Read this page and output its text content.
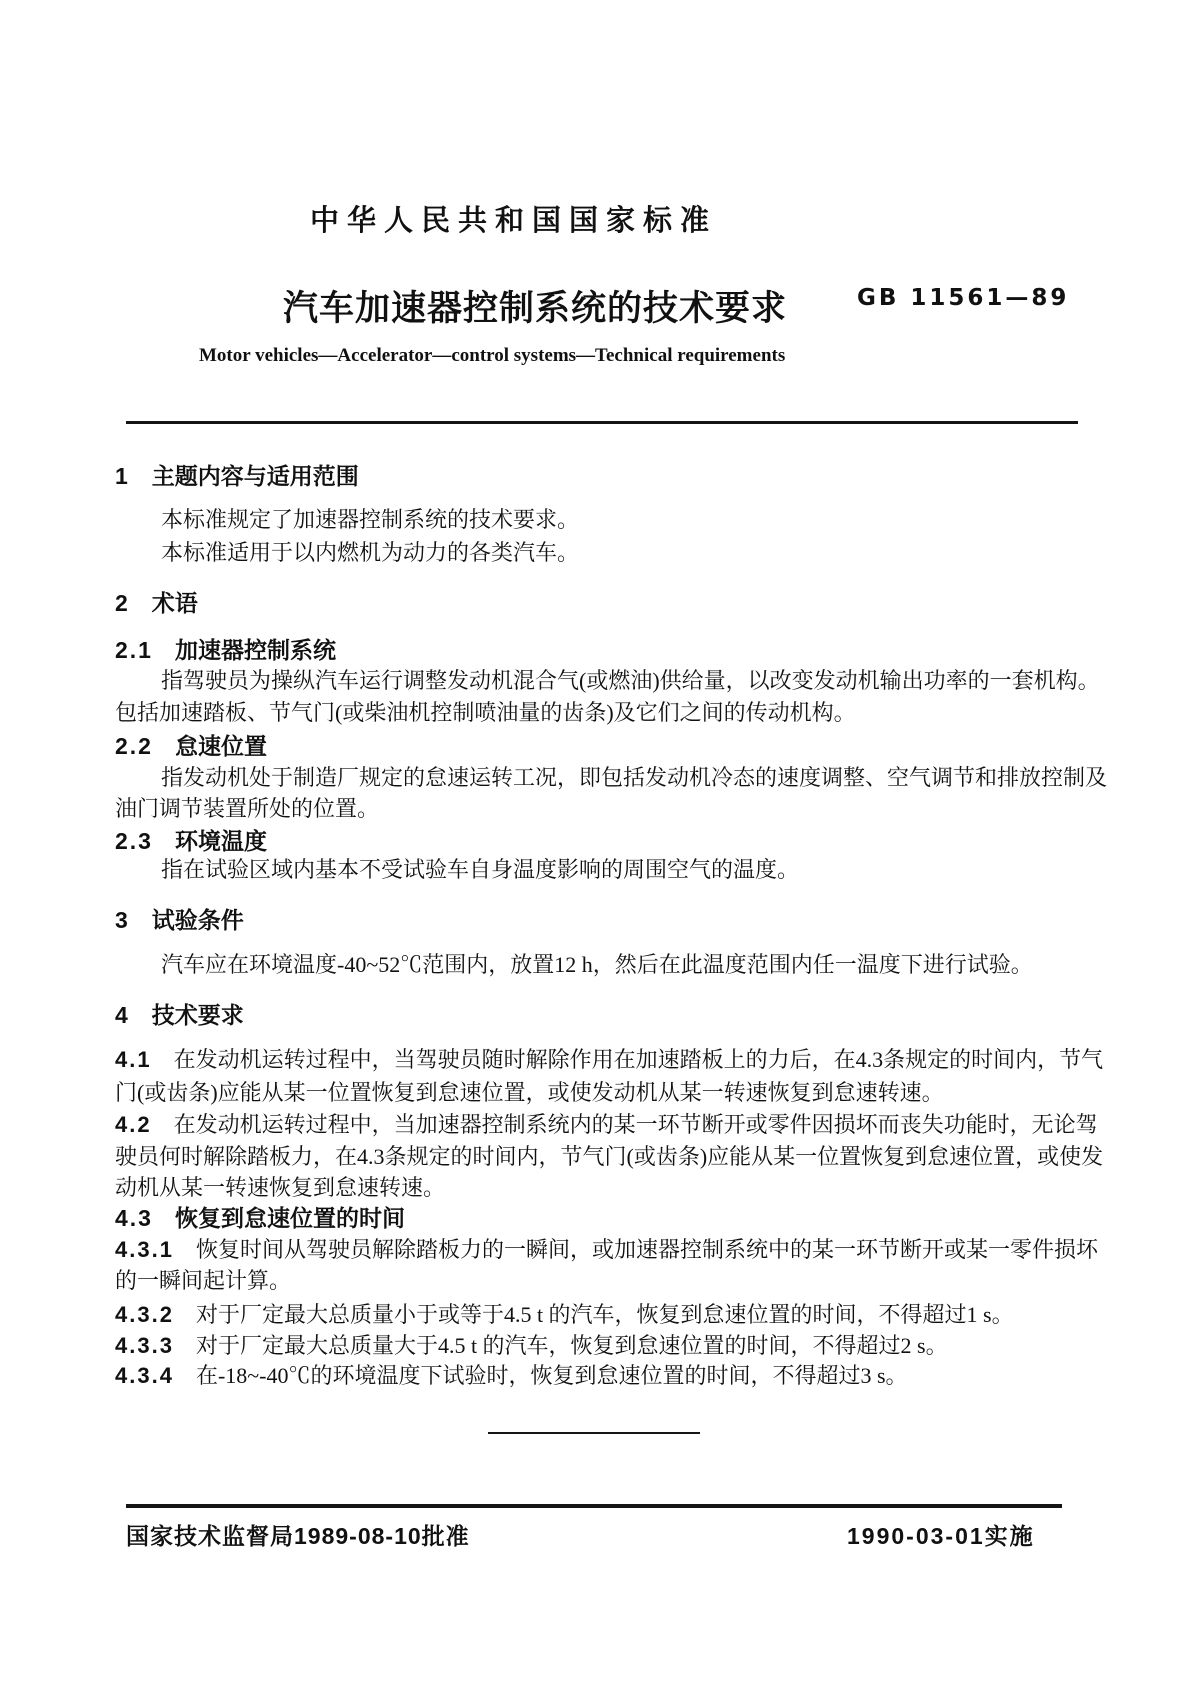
中华人民共和国国家标准
汽车加速器控制系统的技术要求	GB 11561—89
Motor vehicles—Accelerator—control systems—Technical requirements
1 主题内容与适用范围
本标准规定了加速器控制系统的技术要求。
本标准适用于以内燃机为动力的各类汽车。
2 术语
2.1 加速器控制系统
指驾驶员为操纵汽车运行调整发动机混合气(或燃油)供给量，以改变发动机输出功率的一套机构。
包括加速踏板、节气门(或柴油机控制喷油量的齿条)及它们之间的传动机构。
2.2 怠速位置
指发动机处于制造厂规定的怠速运转工况，即包括发动机冷态的速度调整、空气调节和排放控制及
油门调节装置所处的位置。
2.3 环境温度
指在试验区域内基本不受试验车自身温度影响的周围空气的温度。
3 试验条件
汽车应在环境温度-40~52℃范围内，放置12 h，然后在此温度范围内任一温度下进行试验。
4 技术要求
4.1 在发动机运转过程中，当驾驶员随时解除作用在加速踏板上的力后，在4.3条规定的时间内，节气
门(或齿条)应能从某一位置恢复到怠速位置，或使发动机从某一转速恢复到怠速转速。
4.2 在发动机运转过程中，当加速器控制系统内的某一环节断开或零件因损坏而丧失功能时，无论驾
驶员何时解除踏板力，在4.3条规定的时间内，节气门(或齿条)应能从某一位置恢复到怠速位置，或使发
动机从某一转速恢复到怠速转速。
4.3 恢复到怠速位置的时间
4.3.1 恢复时间从驾驶员解除踏板力的一瞬间，或加速器控制系统中的某一环节断开或某一零件损坏
的一瞬间起计算。
4.3.2 对于厂定最大总质量小于或等于4.5 t 的汽车，恢复到怠速位置的时间，不得超过1 s。
4.3.3 对于厂定最大总质量大于4.5 t 的汽车，恢复到怠速位置的时间，不得超过2 s。
4.3.4 在-18~-40℃的环境温度下试验时，恢复到怠速位置的时间，不得超过3 s。
国家技术监督局1989-08-10批准	1990-03-01实施
